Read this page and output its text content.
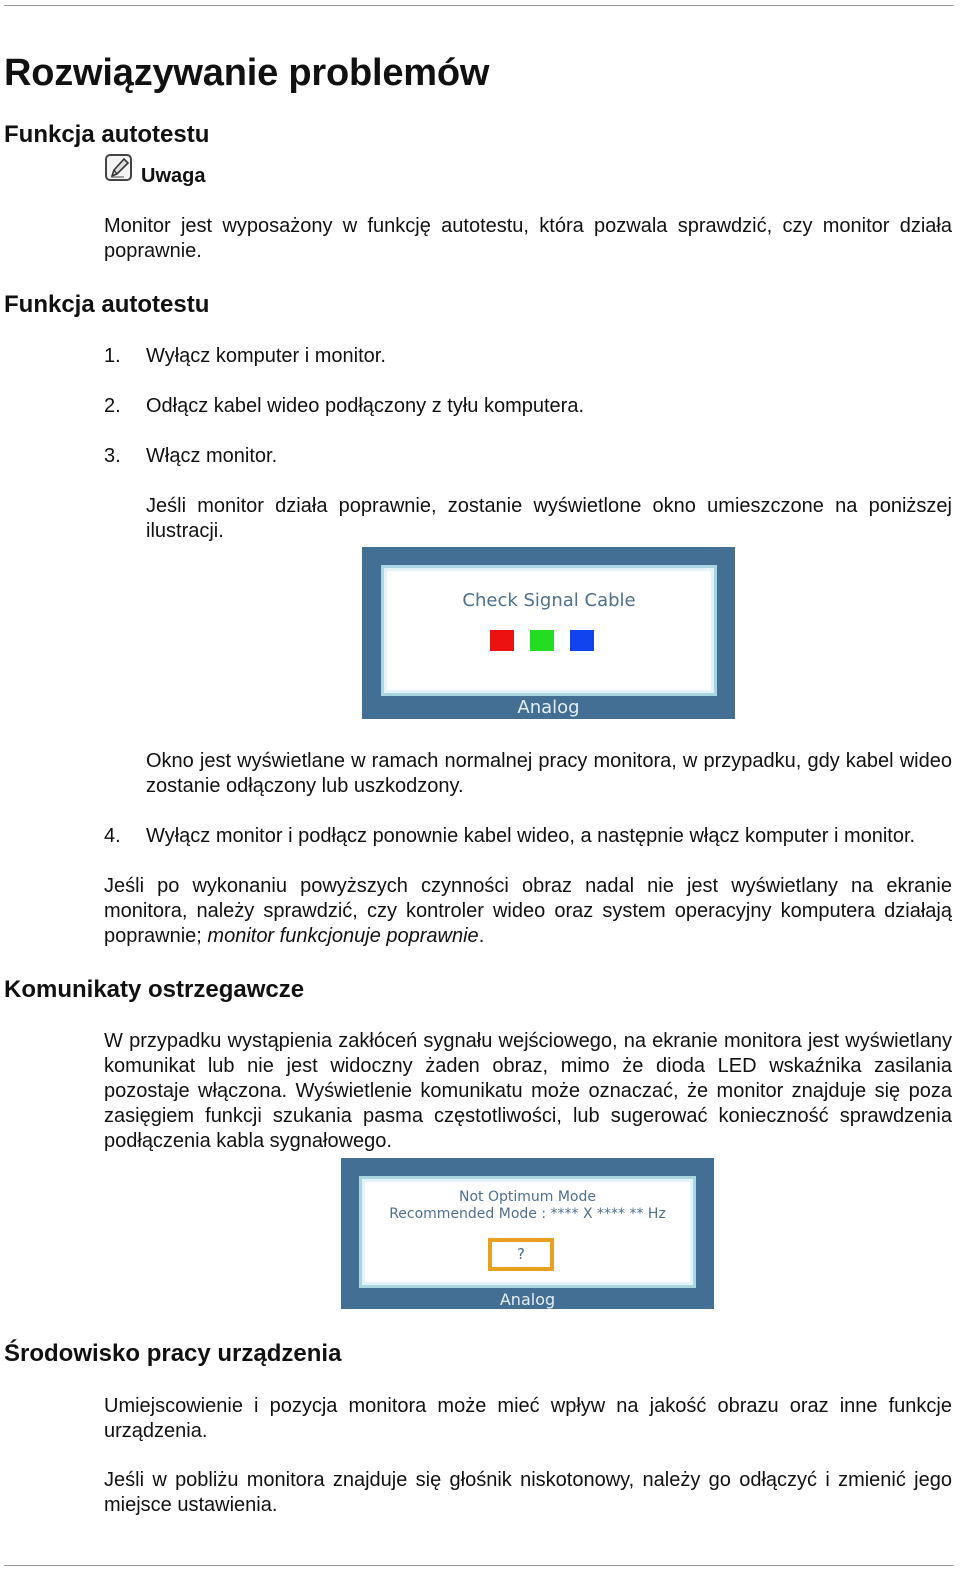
Rozwiązywanie problemów
Funkcja autotestu
Uwaga

Monitor jest wyposażony w funkcję autotestu, która pozwala sprawdzić, czy monitor działa poprawnie.

Funkcja autotestu
1. Wyłącz komputer i monitor.
2. Odłącz kabel wideo podłączony z tyłu komputera.
3. Włącz monitor.

Jeśli monitor działa poprawnie, zostanie wyświetlone okno umieszczone na poniższej ilustracji.

Check Signal Cable
Analog

Okno jest wyświetlane w ramach normalnej pracy monitora, w przypadku, gdy kabel wideo zostanie odłączony lub uszkodzony.

4. Wyłącz monitor i podłącz ponownie kabel wideo, a następnie włącz komputer i monitor.

Jeśli po wykonaniu powyższych czynności obraz nadal nie jest wyświetlany na ekranie monitora, należy sprawdzić, czy kontroler wideo oraz system operacyjny komputera działają poprawnie; monitor funkcjonuje poprawnie.

Komunikaty ostrzegawcze

W przypadku wystąpienia zakłóceń sygnału wejściowego, na ekranie monitora jest wyświetlany komunikat lub nie jest widoczny żaden obraz, mimo że dioda LED wskaźnika zasilania pozostaje włączona. Wyświetlenie komunikatu może oznaczać, że monitor znajduje się poza zasięgiem funkcji szukania pasma częstotliwości, lub sugerować konieczność sprawdzenia podłączenia kabla sygnałowego.

Not Optimum Mode
Recommended Mode : **** X **** ** Hz
?
Analog
Środowisko pracy urządzenia

Umiejscowienie i pozycja monitora może mieć wpływ na jakość obrazu oraz inne funkcje urządzenia.

Jeśli w pobliżu monitora znajduje się głośnik niskotonowy, należy go odłączyć i zmienić jego miejsce ustawienia.
